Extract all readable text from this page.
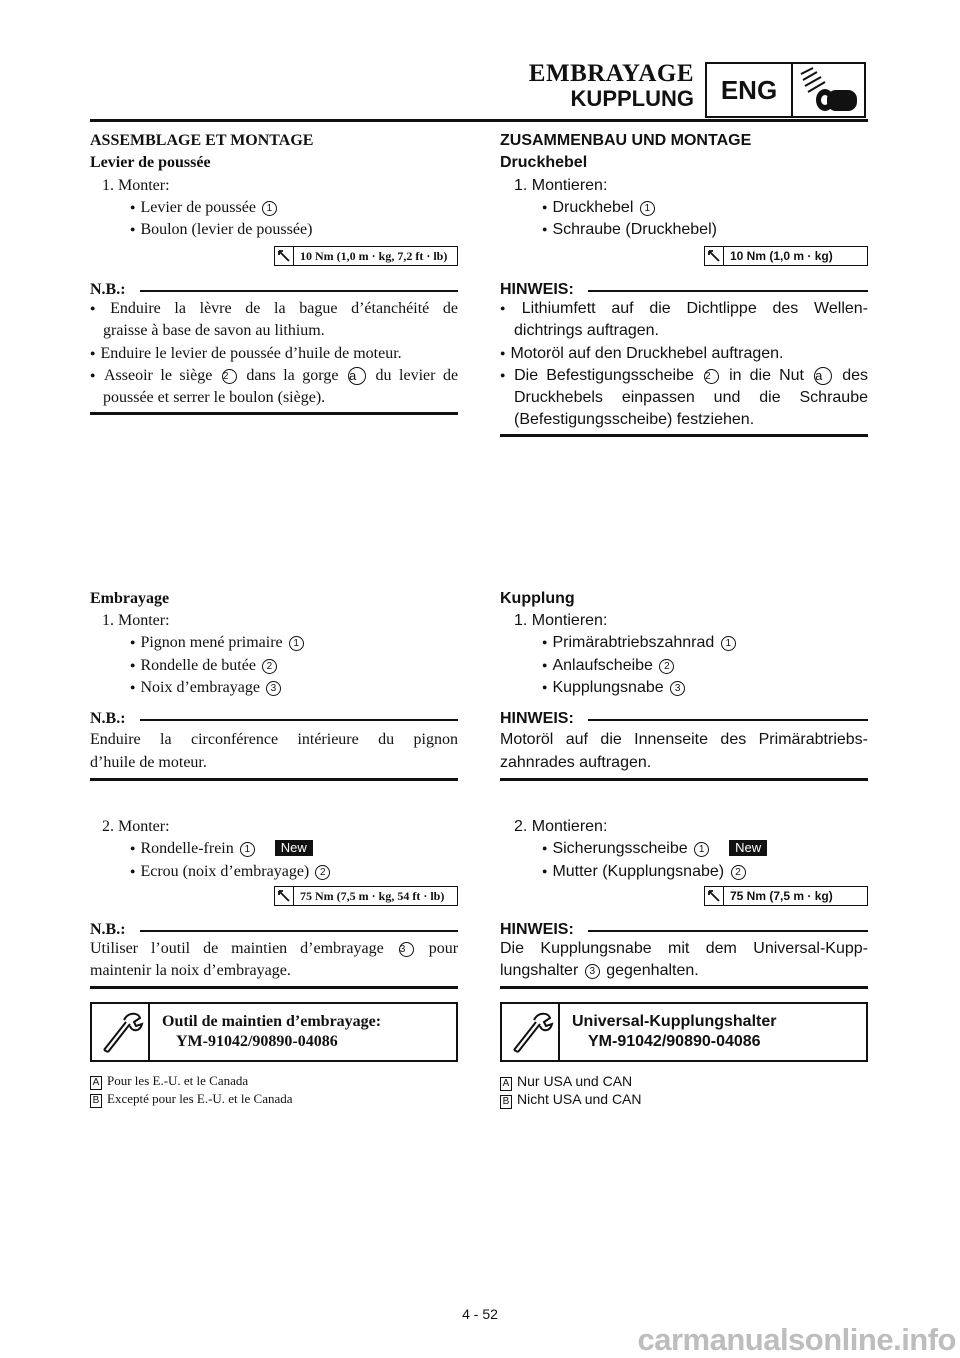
EMBRAYAGE
KUPPLUNG	ENG
ASSEMBLAGE ET MONTAGE
Levier de poussée
1. Monter:
● Levier de poussée 1
● Boulon (levier de poussée)
10 Nm (1,0 m · kg, 7,2 ft · lb)
N.B.:
● Enduire la lèvre de la bague d’étanchéité de
graisse à base de savon au lithium.
● Enduire le levier de poussée d’huile de moteur.
● Asseoir le siège 2 dans la gorge a du levier de
poussée et serrer le boulon (siège).
Embrayage
1. Monter:
● Pignon mené primaire 1
● Rondelle de butée 2
● Noix d’embrayage 3
N.B.:
Enduire la circonférence intérieure du pignon
d’huile de moteur.
2. Monter:
● Rondelle-frein 1 New
● Ecrou (noix d’embrayage) 2
75 Nm (7,5 m · kg, 54 ft · lb)
N.B.:
Utiliser l’outil de maintien d’embrayage 3 pour
maintenir la noix d’embrayage.
Outil de maintien d’embrayage:
YM-91042/90890-04086
A Pour les E.-U. et le Canada
B Excepté pour les E.-U. et le Canada
ZUSAMMENBAU UND MONTAGE
Druckhebel
1. Montieren:
● Druckhebel 1
● Schraube (Druckhebel)
10 Nm (1,0 m · kg)
HINWEIS:
● Lithiumfett auf die Dichtlippe des Wellen-
dichtrings auftragen.
● Motoröl auf den Druckhebel auftragen.
● Die Befestigungsscheibe 2 in die Nut a des
Druckhebels einpassen und die Schraube
(Befestigungsscheibe) festziehen.
Kupplung
1. Montieren:
● Primärabtriebszahnrad 1
● Anlaufscheibe 2
● Kupplungsnabe 3
HINWEIS:
Motoröl auf die Innenseite des Primärabtriebs-
zahnrades auftragen.
2. Montieren:
● Sicherungsscheibe 1 New
● Mutter (Kupplungsnabe) 2
75 Nm (7,5 m · kg)
HINWEIS:
Die Kupplungsnabe mit dem Universal-Kupp-
lungshalter 3 gegenhalten.
Universal-Kupplungshalter
YM-91042/90890-04086
A Nur USA und CAN
B Nicht USA und CAN
4 - 52
carmanualsonline.info
